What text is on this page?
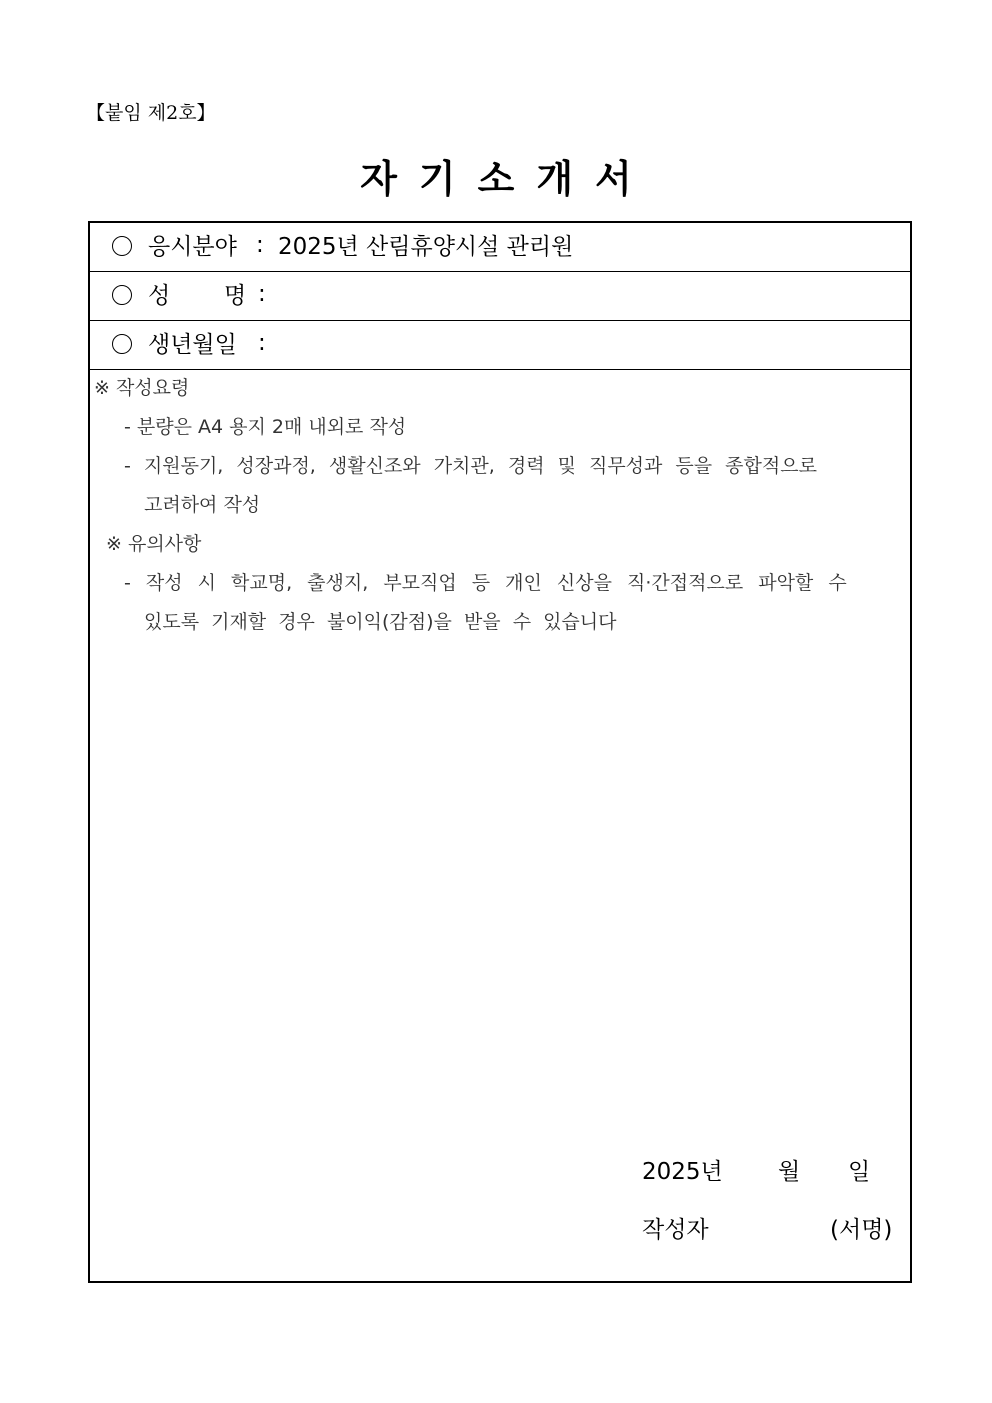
【붙임 제2호】
자기소개서
응시분야 : 2025년 산림휴양시설 관리원
성 명 :
생년월일 :
※ 작성요령
- 분량은 A4 용지 2매 내외로 작성
- 지원동기, 성장과정, 생활신조와 가치관, 경력 및 직무성과 등을 종합적으로
고려하여 작성
※ 유의사항
- 작성 시 학교명, 출생지, 부모직업 등 개인 신상을 직·간접적으로 파악할 수
있도록 기재할 경우 불이익(감점)을 받을 수 있습니다
2025년 월 일
작성자	(서명)
